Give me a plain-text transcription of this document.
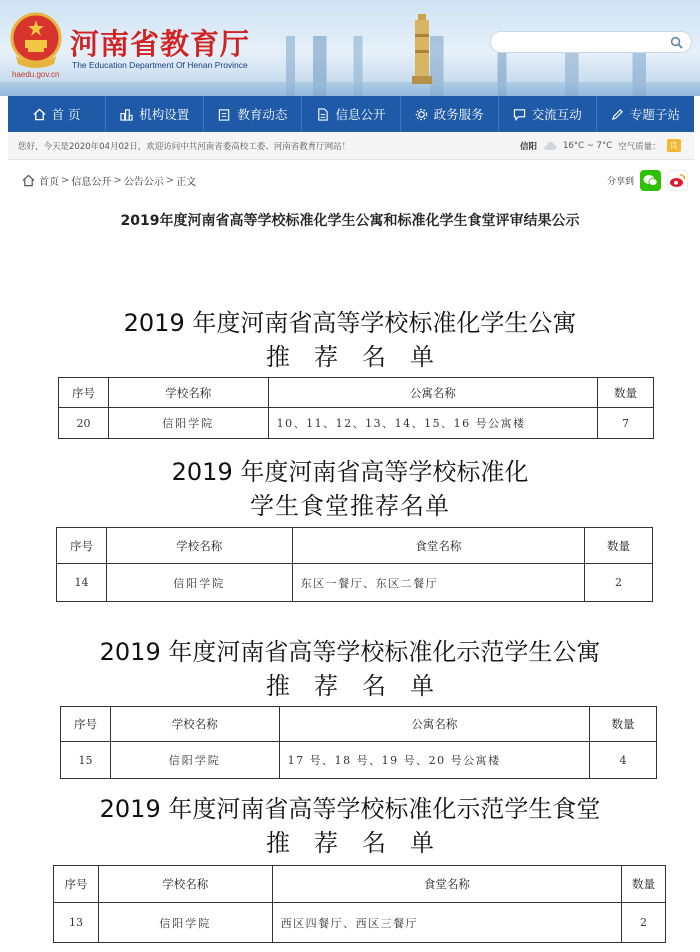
haedu.gov.cn
河南省教育厅
The Education Department Of Henan Province
首 页	机构设置	教育动态	信息公开	政务服务	交流互动	专题子站
您好，今天是2020年04月02日，欢迎访问中共河南省委高校工委、河南省教育厅网站！	信阳	16°C ~ 7°C 空气质量：	良
首页 > 信息公开 > 公告公示 > 正文	分享到
2019年度河南省高等学校标准化学生公寓和标准化学生食堂评审结果公示
2019 年度河南省高等学校标准化学生公寓
推荐名单
序号	学校名称	公寓名称	数量
20	信阳学院	10、11、12、13、14、15、16 号公寓楼	7
2019 年度河南省高等学校标准化
学生食堂推荐名单
序号	学校名称	食堂名称	数量
14	信阳学院	东区一餐厅、东区二餐厅	2
2019 年度河南省高等学校标准化示范学生公寓
推荐名单
序号	学校名称	公寓名称	数量
15	信阳学院	17 号、18 号、19 号、20 号公寓楼	4
2019 年度河南省高等学校标准化示范学生食堂
推荐名单
序号	学校名称	食堂名称	数量
13	信阳学院	西区四餐厅、西区三餐厅	2
